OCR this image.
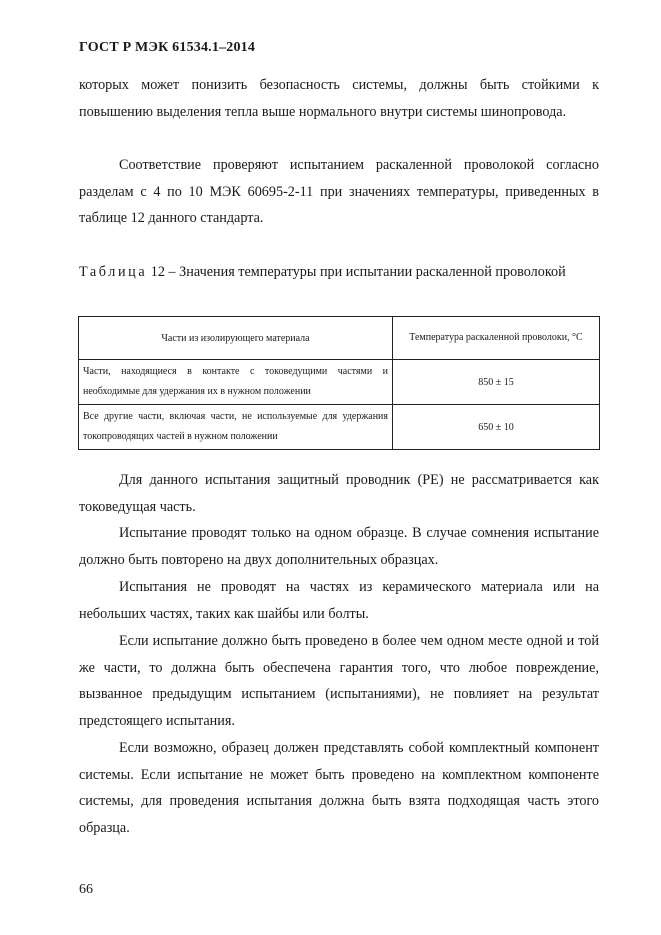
ГОСТ Р МЭК 61534.1–2014

которых может понизить безопасность системы, должны быть стойкими к повышению выделения тепла выше нормального внутри системы шинопровода.

Соответствие проверяют испытанием раскаленной проволокой согласно разделам с 4 по 10 МЭК 60695-2-11 при значениях температуры, приведенных в таблице 12 данного стандарта.

Таблица 12 – Значения температуры при испытании раскаленной проволокой
Части из изолирующего материала	Температура раскаленной проволоки, °С
Части, находящиеся в контакте с токоведущими частями и необходимые для удержания их в нужном положении	850 ± 15
Все другие части, включая части, не используемые для удержания токопроводящих частей в нужном положении	650 ± 10

Для данного испытания защитный проводник (PE) не рассматривается как токоведущая часть.

Испытание проводят только на одном образце. В случае сомнения испытание должно быть повторено на двух дополнительных образцах.

Испытания не проводят на частях из керамического материала или на небольших частях, таких как шайбы или болты.

Если испытание должно быть проведено в более чем одном месте одной и той же части, то должна быть обеспечена гарантия того, что любое повреждение, вызванное предыдущим испытанием (испытаниями), не повлияет на результат предстоящего испытания.

Если возможно, образец должен представлять собой комплектный компонент системы. Если испытание не может быть проведено на комплектном компоненте системы, для проведения испытания должна быть взята подходящая часть этого образца.

66
